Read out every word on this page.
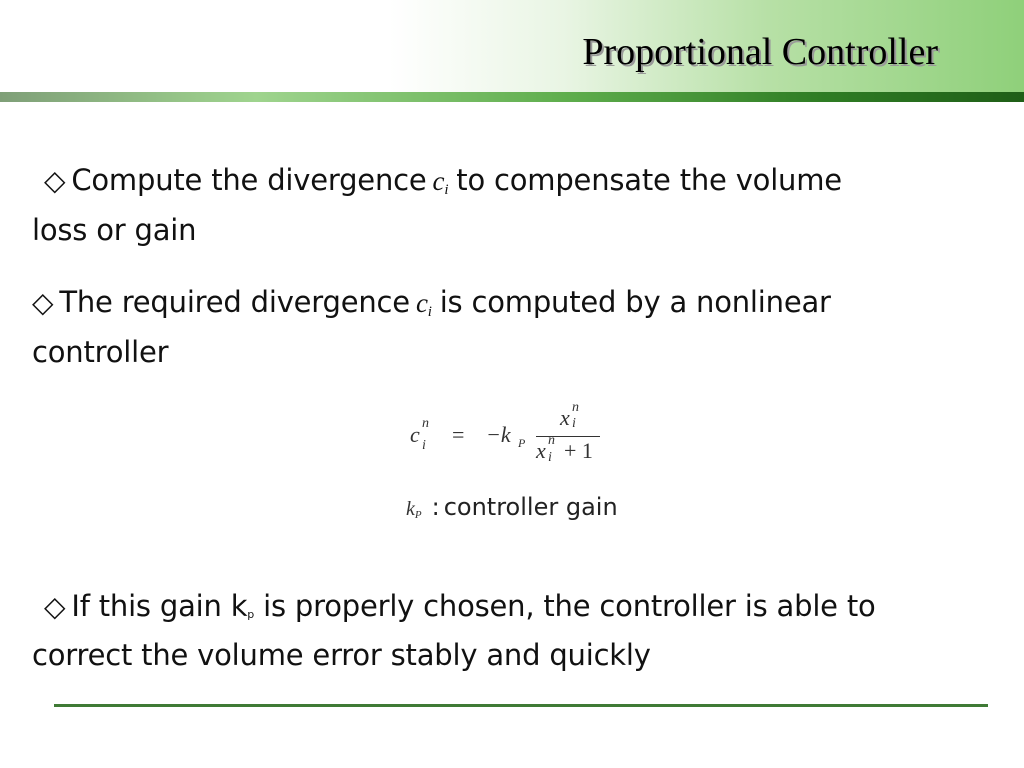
Proportional Controller
◇ Compute the divergence $c_i$ to compensate the volume
loss or gain
◇ The required divergence $c_i$ is computed by a nonlinear
controller
c n
i = −k P
x n
i
x n
i + 1
$k_P$ : controller gain
◇ If this gain kp is properly chosen, the controller is able to
correct the volume error stably and quickly
